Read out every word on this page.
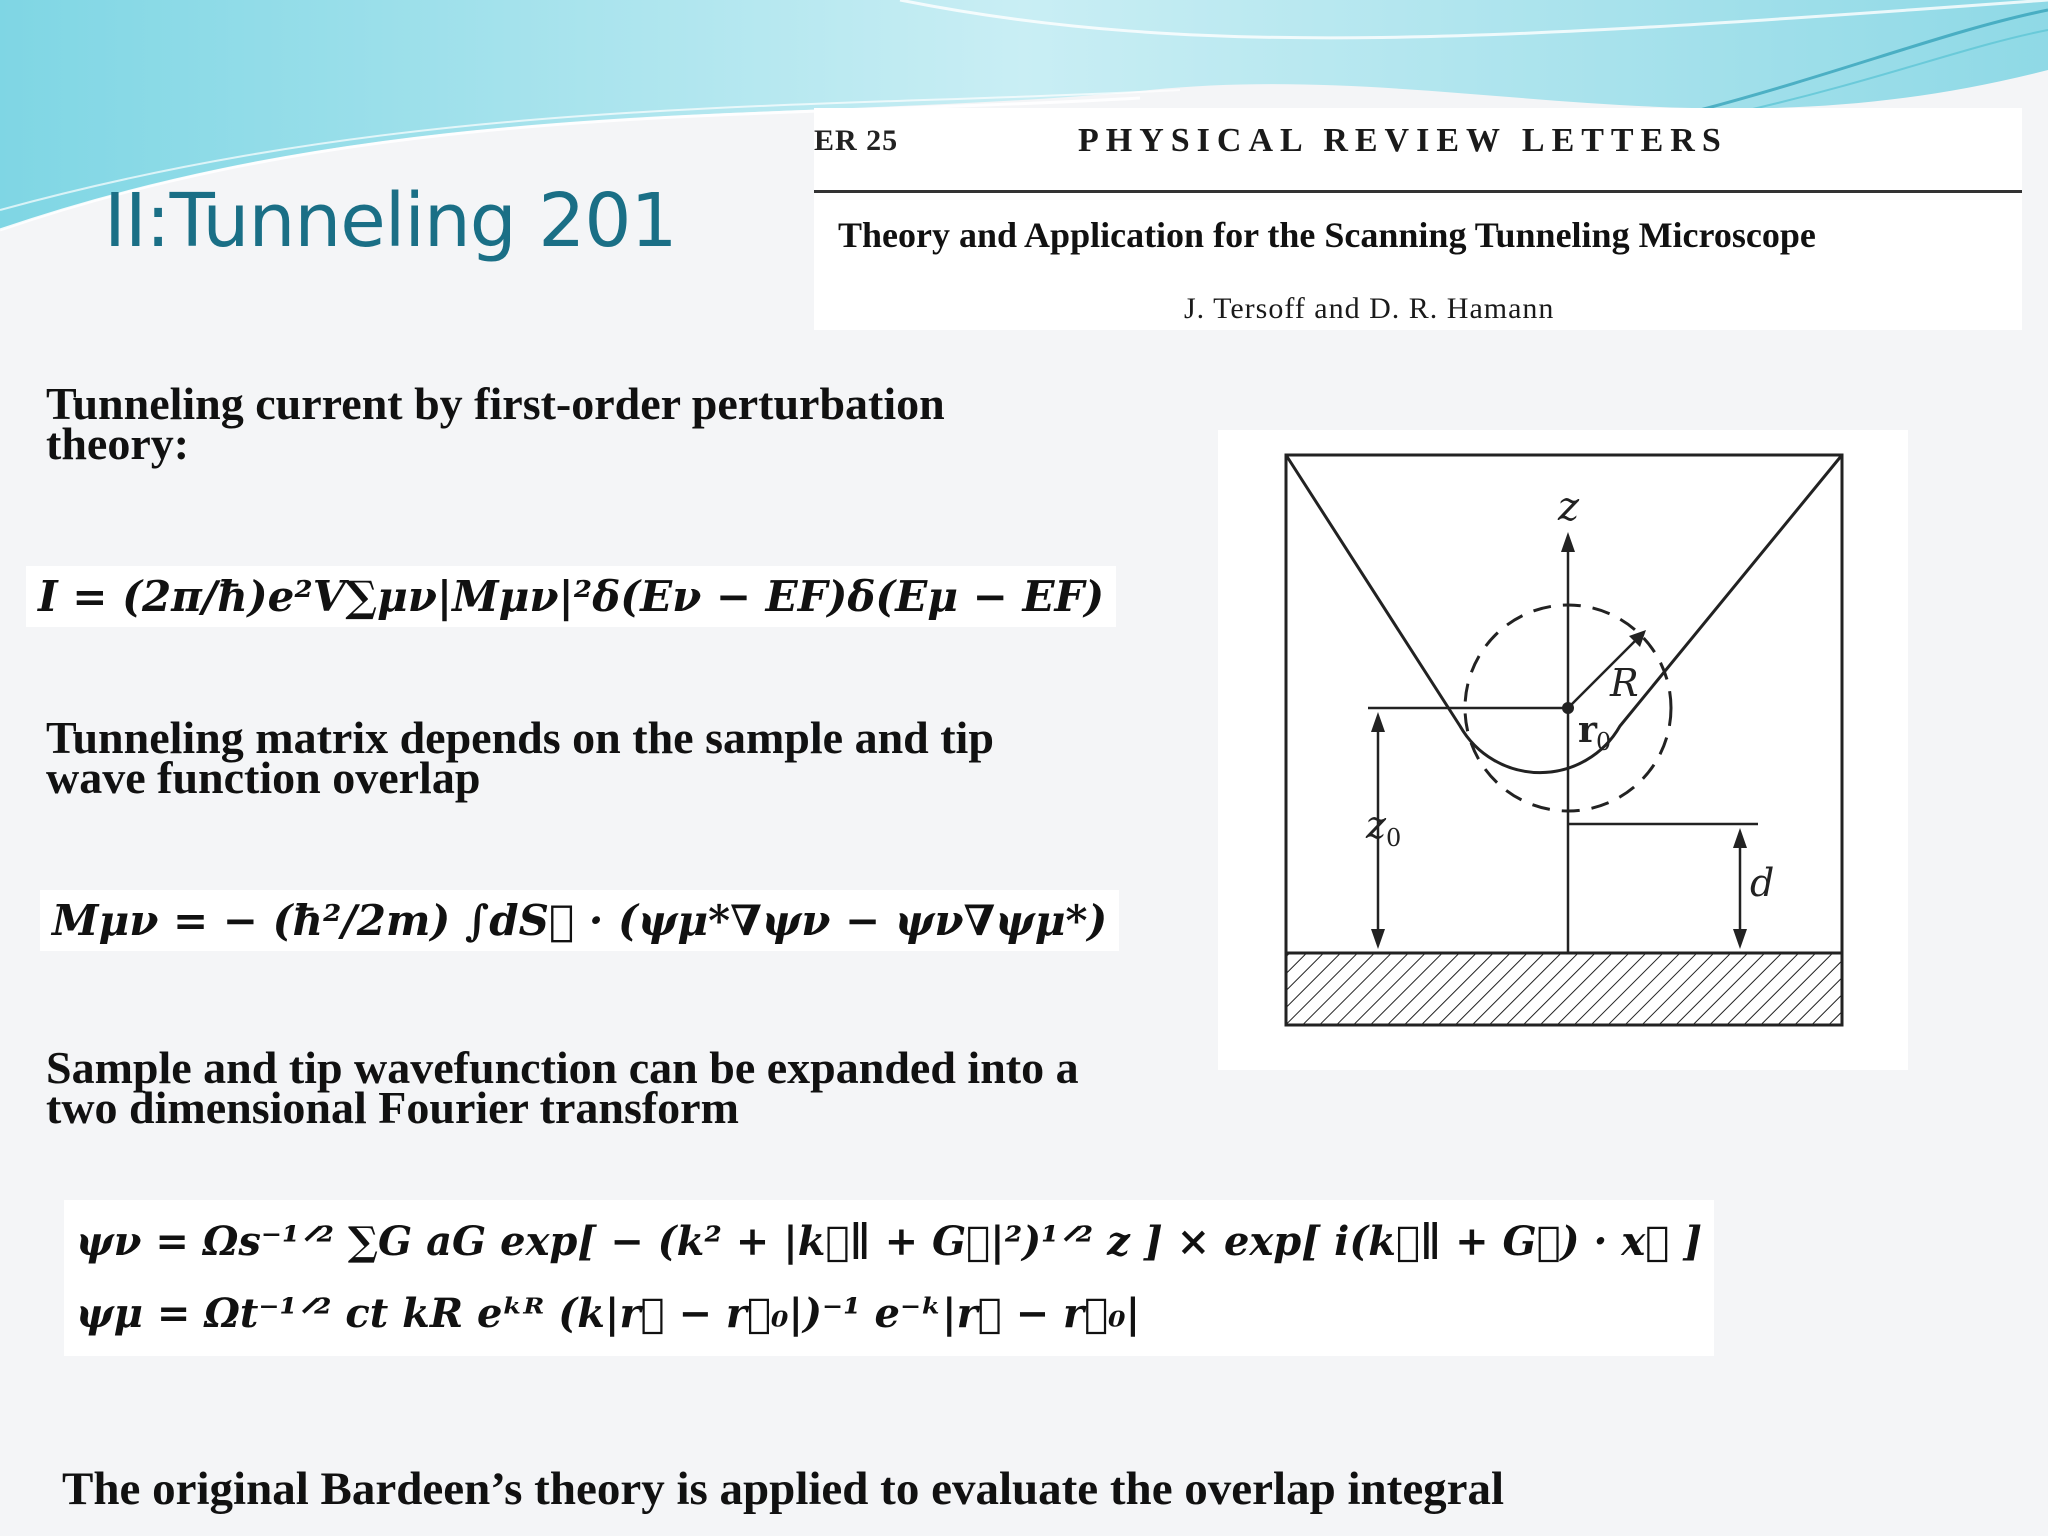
II:Tunneling 201
ER 25	PHYSICAL REVIEW LETTERS
Theory and Application for the Scanning Tunneling Microscope
J. Tersoff and D. R. Hamann

Tunneling current by first-order perturbation theory:

I = (2π/ħ)e²V∑μν|Mμν|²δ(Eν − EF)δ(Eμ − EF)

Tunneling matrix depends on the sample and tip wave function overlap

Mμν = − (ħ²/2m) ∫dS⃗ · (ψμ*∇ψν − ψν∇ψμ*)

Sample and tip wavefunction can be expanded into a two dimensional Fourier transform

ψν = Ωs⁻¹ᐟ² ∑G aG exp[ − (k² + |k⃗∥ + G⃗|²)¹ᐟ² z ] × exp[ i(k⃗∥ + G⃗) · x⃗ ]
ψμ = Ωt⁻¹ᐟ² ct kR eᵏᴿ (k|r⃗ − r⃗₀|)⁻¹ e⁻ᵏ|r⃗ − r⃗₀|
z
R
r 0
z 0
d

The original Bardeen’s theory is applied to evaluate the overlap integral
